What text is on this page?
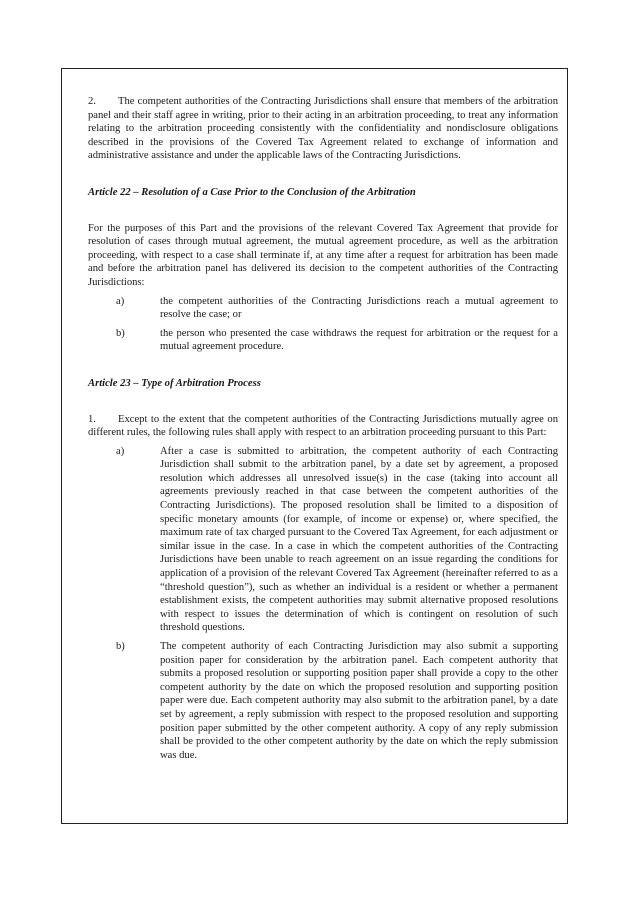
2. The competent authorities of the Contracting Jurisdictions shall ensure that members of the arbitration panel and their staff agree in writing, prior to their acting in an arbitration proceeding, to treat any information relating to the arbitration proceeding consistently with the confidentiality and nondisclosure obligations described in the provisions of the Covered Tax Agreement related to exchange of information and administrative assistance and under the applicable laws of the Contracting Jurisdictions.

Article 22 – Resolution of a Case Prior to the Conclusion of the Arbitration

For the purposes of this Part and the provisions of the relevant Covered Tax Agreement that provide for resolution of cases through mutual agreement, the mutual agreement procedure, as well as the arbitration proceeding, with respect to a case shall terminate if, at any time after a request for arbitration has been made and before the arbitration panel has delivered its decision to the competent authorities of the Contracting Jurisdictions:

a)	the competent authorities of the Contracting Jurisdictions reach a mutual agreement to resolve the case; or
b)	the person who presented the case withdraws the request for arbitration or the request for a mutual agreement procedure.

Article 23 – Type of Arbitration Process

1. Except to the extent that the competent authorities of the Contracting Jurisdictions mutually agree on different rules, the following rules shall apply with respect to an arbitration proceeding pursuant to this Part:

a)	After a case is submitted to arbitration, the competent authority of each Contracting Jurisdiction shall submit to the arbitration panel, by a date set by agreement, a proposed resolution which addresses all unresolved issue(s) in the case (taking into account all agreements previously reached in that case between the competent authorities of the Contracting Jurisdictions). The proposed resolution shall be limited to a disposition of specific monetary amounts (for example, of income or expense) or, where specified, the maximum rate of tax charged pursuant to the Covered Tax Agreement, for each adjustment or similar issue in the case. In a case in which the competent authorities of the Contracting Jurisdictions have been unable to reach agreement on an issue regarding the conditions for application of a provision of the relevant Covered Tax Agreement (hereinafter referred to as a “threshold question”), such as whether an individual is a resident or whether a permanent establishment exists, the competent authorities may submit alternative proposed resolutions with respect to issues the determination of which is contingent on resolution of such threshold questions.
b)	The competent authority of each Contracting Jurisdiction may also submit a supporting position paper for consideration by the arbitration panel. Each competent authority that submits a proposed resolution or supporting position paper shall provide a copy to the other competent authority by the date on which the proposed resolution and supporting position paper were due. Each competent authority may also submit to the arbitration panel, by a date set by agreement, a reply submission with respect to the proposed resolution and supporting position paper submitted by the other competent authority. A copy of any reply submission shall be provided to the other competent authority by the date on which the reply submission was due.
